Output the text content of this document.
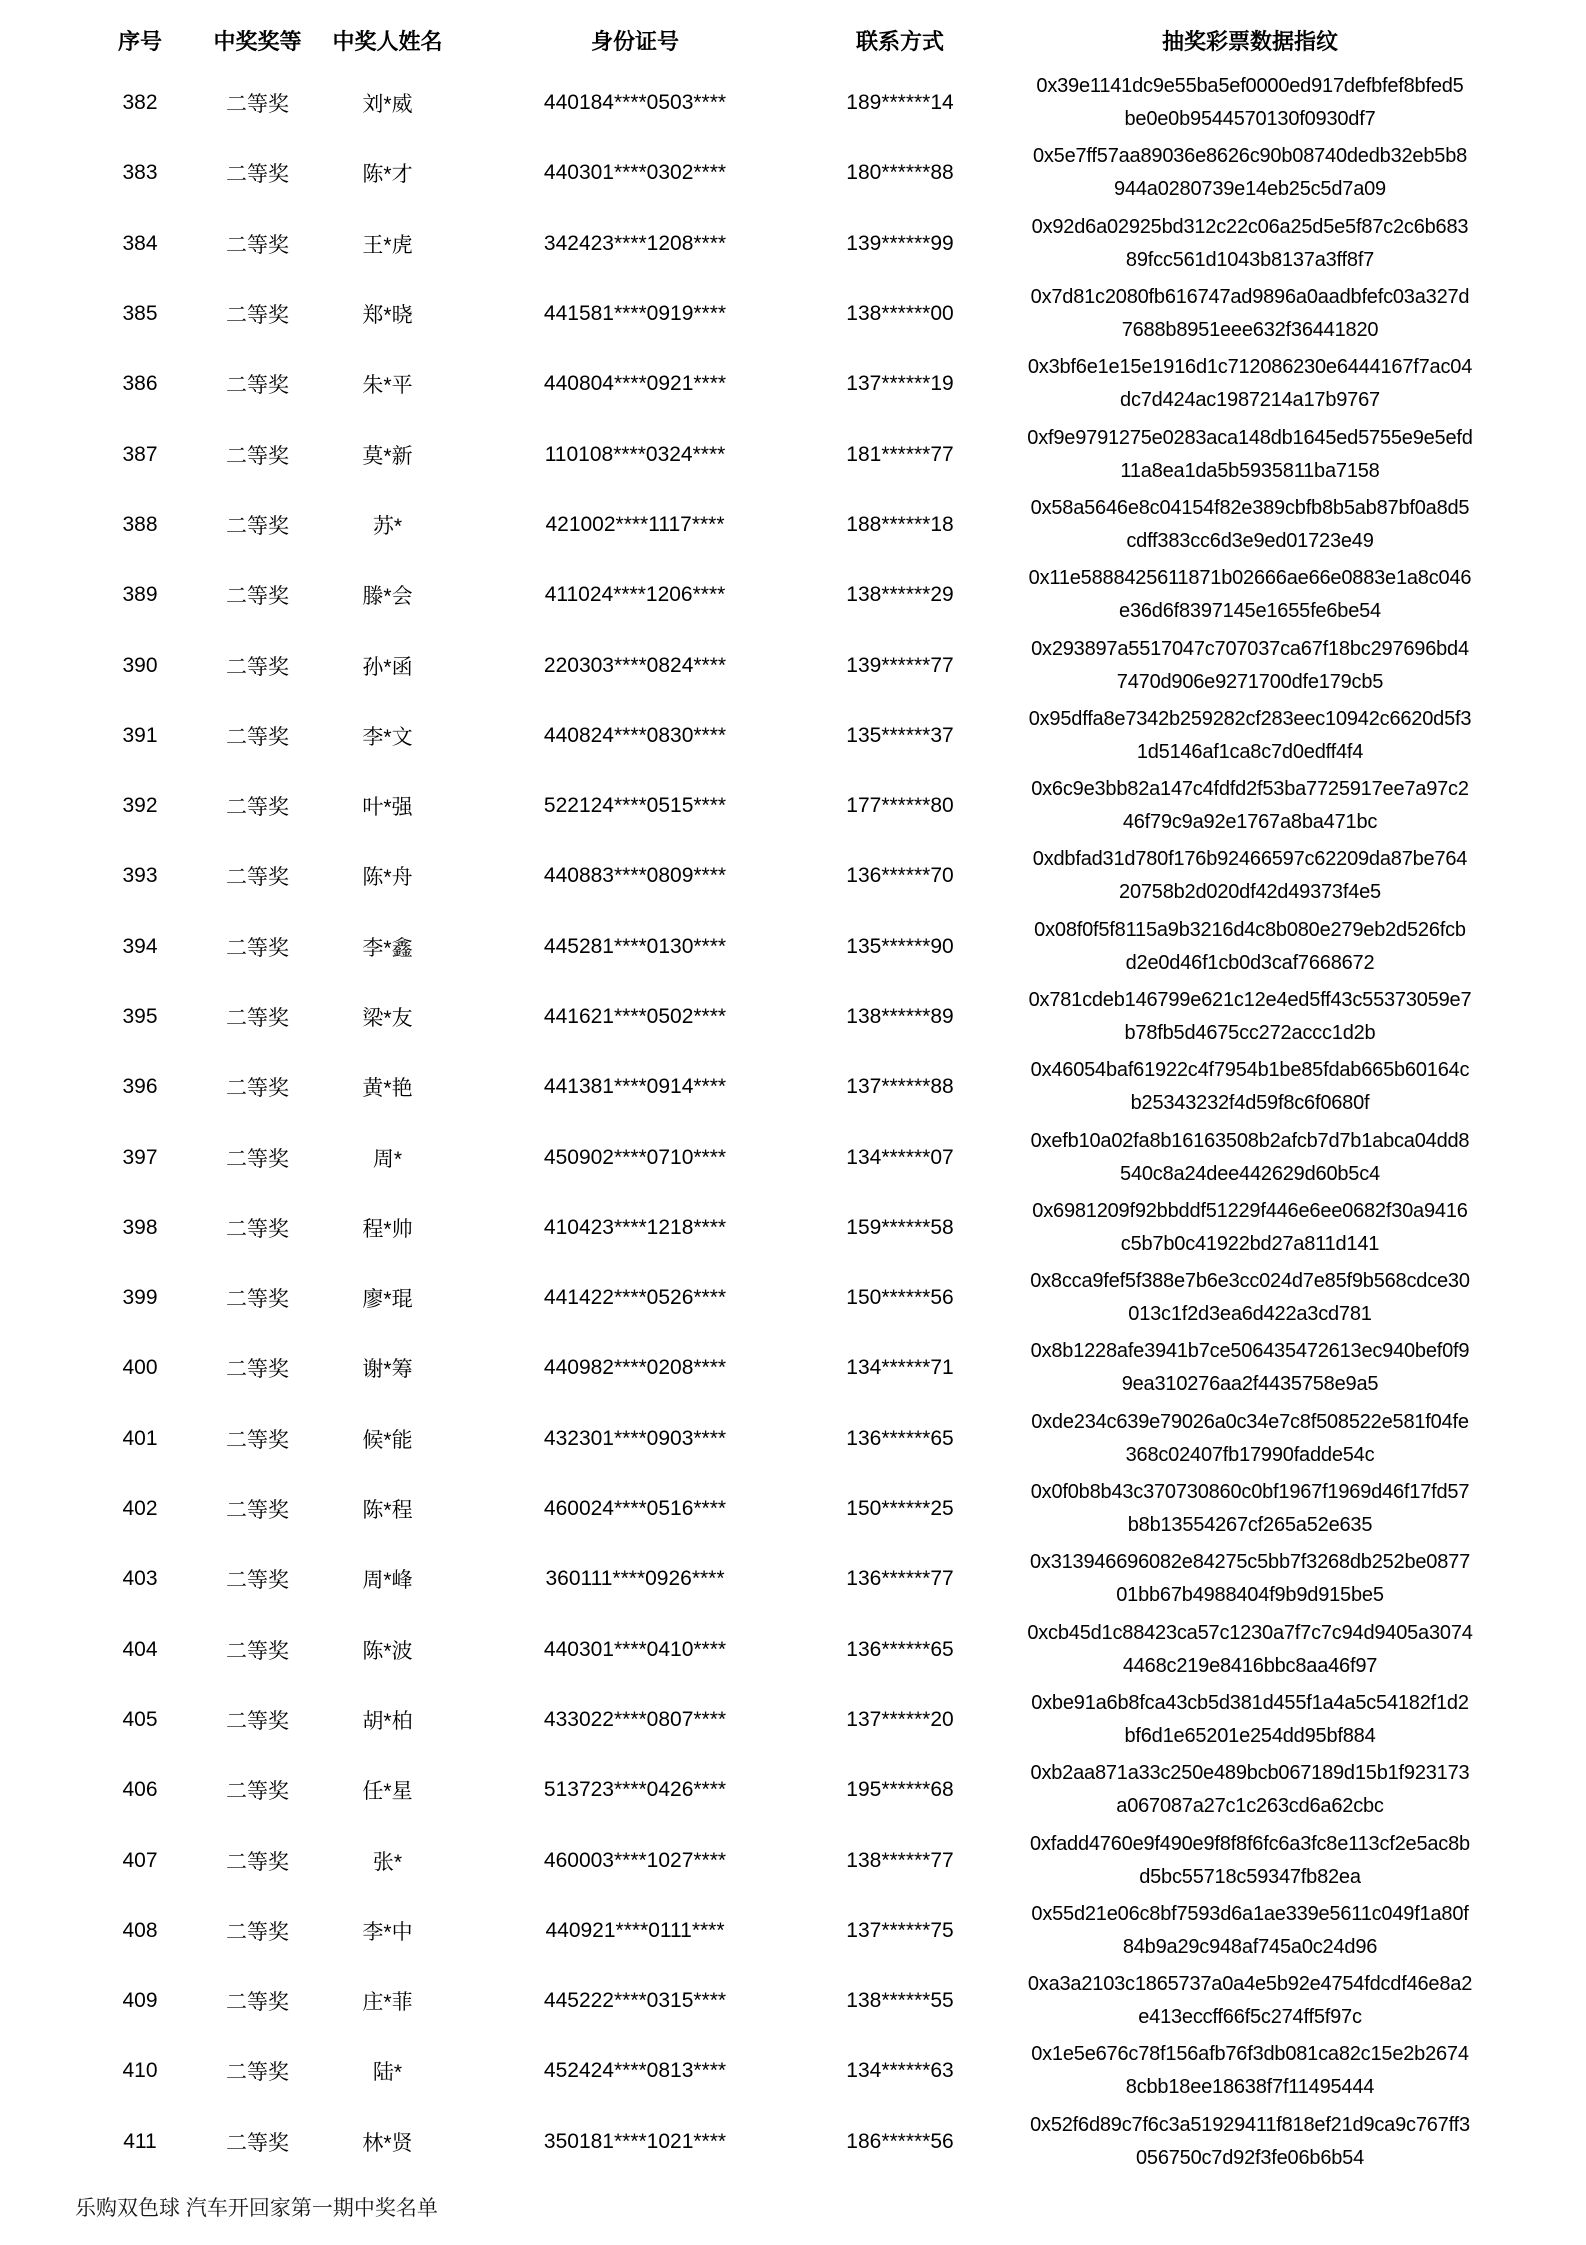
序号	中奖奖等	中奖人姓名	身份证号	联系方式	抽奖彩票数据指纹
382	二等奖	刘*威	440184****0503****	189******14	0x39e1141dc9e55ba5ef0000ed917defbfef8bfed5
be0e0b9544570130f0930df7

383	二等奖	陈*才	440301****0302****	180******88	0x5e7ff57aa89036e8626c90b08740dedb32eb5b8
944a0280739e14eb25c5d7a09

384	二等奖	王*虎	342423****1208****	139******99	0x92d6a02925bd312c22c06a25d5e5f87c2c6b683
89fcc561d1043b8137a3ff8f7

385	二等奖	郑*晓	441581****0919****	138******00	0x7d81c2080fb616747ad9896a0aadbfefc03a327d
7688b8951eee632f36441820

386	二等奖	朱*平	440804****0921****	137******19	0x3bf6e1e15e1916d1c712086230e6444167f7ac04
dc7d424ac1987214a17b9767

387	二等奖	莫*新	110108****0324****	181******77	0xf9e9791275e0283aca148db1645ed5755e9e5efd
11a8ea1da5b5935811ba7158

388	二等奖	苏*	421002****1117****	188******18	0x58a5646e8c04154f82e389cbfb8b5ab87bf0a8d5
cdff383cc6d3e9ed01723e49

389	二等奖	滕*会	411024****1206****	138******29	0x11e5888425611871b02666ae66e0883e1a8c046
e36d6f8397145e1655fe6be54

390	二等奖	孙*函	220303****0824****	139******77	0x293897a5517047c707037ca67f18bc297696bd4
7470d906e9271700dfe179cb5

391	二等奖	李*文	440824****0830****	135******37	0x95dffa8e7342b259282cf283eec10942c6620d5f3
1d5146af1ca8c7d0edff4f4

392	二等奖	叶*强	522124****0515****	177******80	0x6c9e3bb82a147c4fdfd2f53ba7725917ee7a97c2
46f79c9a92e1767a8ba471bc

393	二等奖	陈*舟	440883****0809****	136******70	0xdbfad31d780f176b92466597c62209da87be764
20758b2d020df42d49373f4e5

394	二等奖	李*鑫	445281****0130****	135******90	0x08f0f5f8115a9b3216d4c8b080e279eb2d526fcb
d2e0d46f1cb0d3caf7668672

395	二等奖	梁*友	441621****0502****	138******89	0x781cdeb146799e621c12e4ed5ff43c55373059e7
b78fb5d4675cc272accc1d2b

396	二等奖	黄*艳	441381****0914****	137******88	0x46054baf61922c4f7954b1be85fdab665b60164c
b25343232f4d59f8c6f0680f

397	二等奖	周*	450902****0710****	134******07	0xefb10a02fa8b16163508b2afcb7d7b1abca04dd8
540c8a24dee442629d60b5c4

398	二等奖	程*帅	410423****1218****	159******58	0x6981209f92bbddf51229f446e6ee0682f30a9416
c5b7b0c41922bd27a811d141

399	二等奖	廖*琨	441422****0526****	150******56	0x8cca9fef5f388e7b6e3cc024d7e85f9b568cdce30
013c1f2d3ea6d422a3cd781

400	二等奖	谢*筹	440982****0208****	134******71	0x8b1228afe3941b7ce506435472613ec940bef0f9
9ea310276aa2f4435758e9a5

401	二等奖	候*能	432301****0903****	136******65	0xde234c639e79026a0c34e7c8f508522e581f04fe
368c02407fb17990fadde54c

402	二等奖	陈*程	460024****0516****	150******25	0x0f0b8b43c370730860c0bf1967f1969d46f17fd57
b8b13554267cf265a52e635

403	二等奖	周*峰	360111****0926****	136******77	0x313946696082e84275c5bb7f3268db252be0877
01bb67b4988404f9b9d915be5

404	二等奖	陈*波	440301****0410****	136******65	0xcb45d1c88423ca57c1230a7f7c7c94d9405a3074
4468c219e8416bbc8aa46f97

405	二等奖	胡*柏	433022****0807****	137******20	0xbe91a6b8fca43cb5d381d455f1a4a5c54182f1d2
bf6d1e65201e254dd95bf884

406	二等奖	任*星	513723****0426****	195******68	0xb2aa871a33c250e489bcb067189d15b1f923173
a067087a27c1c263cd6a62cbc

407	二等奖	张*	460003****1027****	138******77	0xfadd4760e9f490e9f8f8f6fc6a3fc8e113cf2e5ac8b
d5bc55718c59347fb82ea

408	二等奖	李*中	440921****0111****	137******75	0x55d21e06c8bf7593d6a1ae339e5611c049f1a80f
84b9a29c948af745a0c24d96

409	二等奖	庄*菲	445222****0315****	138******55	0xa3a2103c1865737a0a4e5b92e4754fdcdf46e8a2
e413eccff66f5c274ff5f97c

410	二等奖	陆*	452424****0813****	134******63	0x1e5e676c78f156afb76f3db081ca82c15e2b2674
8cbb18ee18638f7f11495444

411	二等奖	林*贤	350181****1021****	186******56	0x52f6d89c7f6c3a51929411f818ef21d9ca9c767ff3
056750c7d92f3fe06b6b54
乐购双色球 汽车开回家第一期中奖名单
